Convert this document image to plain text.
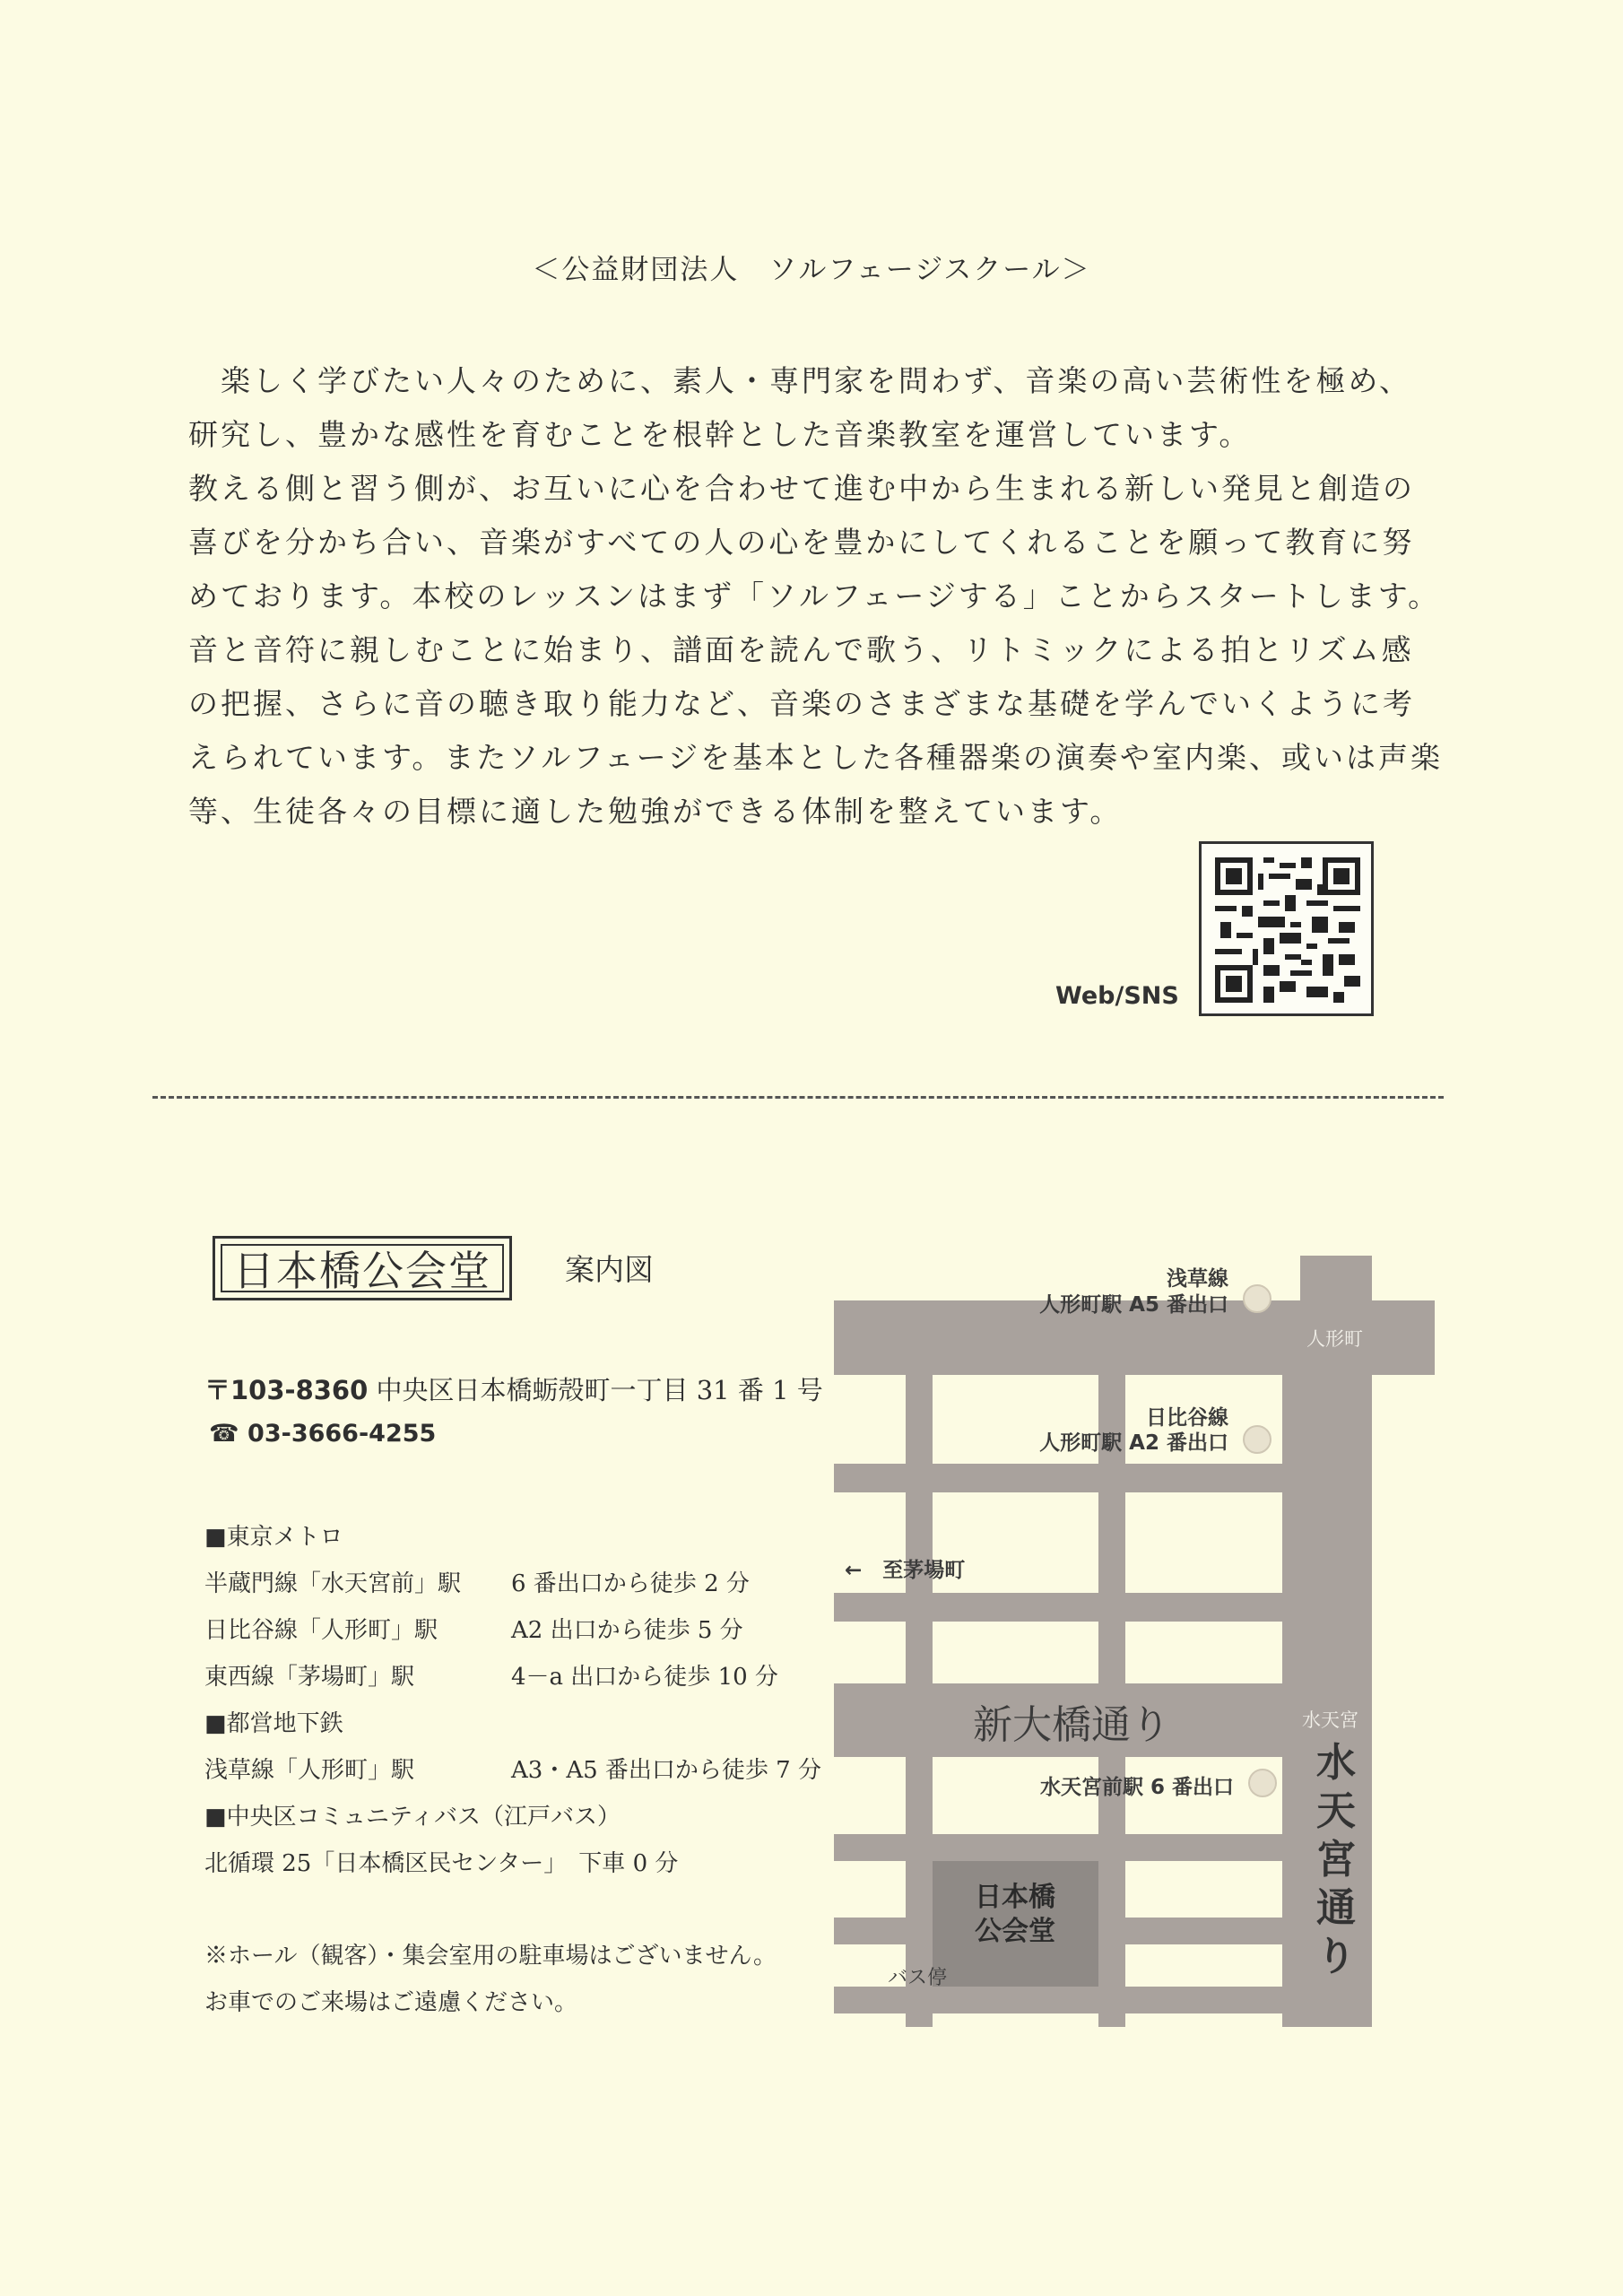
＜公益財団法人　ソルフェージスクール＞

　楽しく学びたい人々のために、素人・専門家を問わず、音楽の高い芸術性を極め、研究し、豊かな感性を育むことを根幹とした音楽教室を運営しています。

教える側と習う側が、お互いに心を合わせて進む中から生まれる新しい発見と創造の喜びを分かち合い、音楽がすべての人の心を豊かにしてくれることを願って教育に努めております。本校のレッスンはまず「ソルフェージする」ことからスタートします。音と音符に親しむことに始まり、譜面を読んで歌う、リトミックによる拍とリズム感の把握、さらに音の聴き取り能力など、音楽のさまざまな基礎を学んでいくように考えられています。またソルフェージを基本とした各種器楽の演奏や室内楽、或いは声楽等、生徒各々の目標に適した勉強ができる体制を整えています。

Web/SNS
日本橋公会堂	案内図
〒103-8360 中央区日本橋蛎殻町一丁目 31 番 1 号
☎ 03-3666-4255
■東京メトロ
半蔵門線「水天宮前」駅 6 番出口から徒歩 2 分
日比谷線「人形町」駅	A2 出口から徒歩 5 分
東西線「茅場町」駅	4－a 出口から徒歩 10 分
■都営地下鉄
浅草線「人形町」駅	A3・A5 番出口から徒歩 7 分
■中央区コミュニティバス（江戸バス）
北循環 25「日本橋区民センター」　下車 0 分

※ホール（観客）・集会室用の駐車場はございません。

お車でのご来場はご遠慮ください。

日本橋
公会堂
浅草線
人形町駅 A5 番出口
人形町
日比谷線
人形町駅 A2 番出口
←　至茅場町
新大橋通り	水天宮
水天宮前駅 6 番出口
水
天
宮
通
り
バス停
